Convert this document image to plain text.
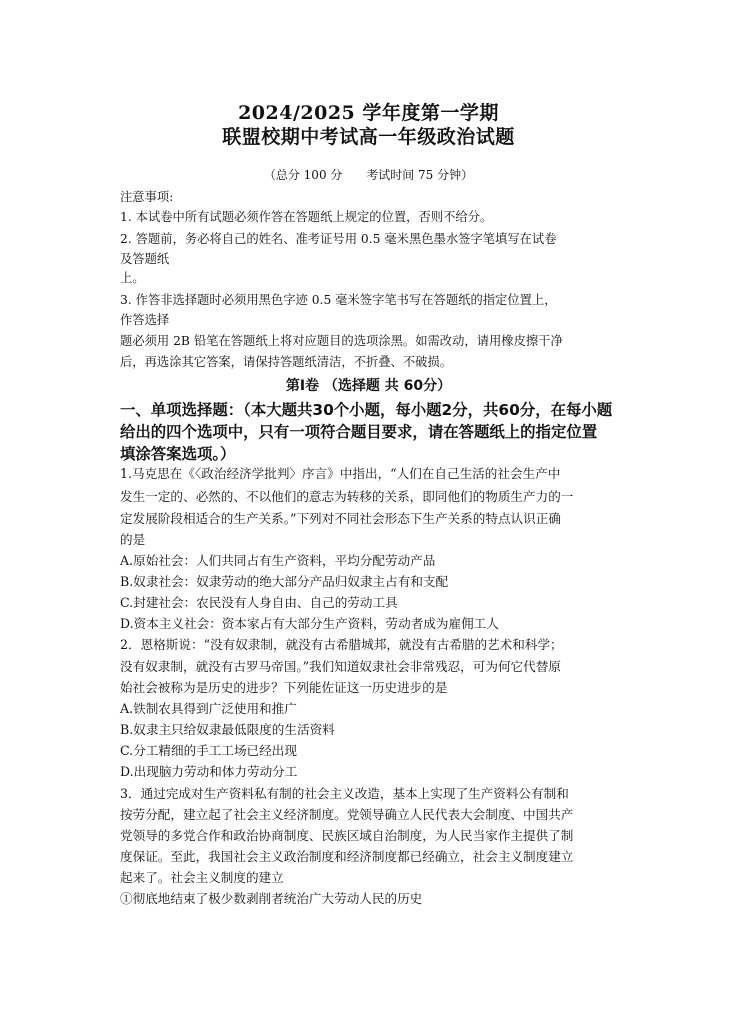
2024/2025 学年度第一学期
联盟校期中考试高一年级政治试题
（总分 100 分 考试时间 75 分钟）
注意事项:
1. 本试卷中所有试题必须作答在答题纸上规定的位置，否则不给分。
2. 答题前，务必将自己的姓名、准考证号用 0.5 毫米黑色墨水签字笔填写在试卷
及答题纸
上。
3. 作答非选择题时必须用黑色字迹 0.5 毫米签字笔书写在答题纸的指定位置上，
作答选择
题必须用 2B 铅笔在答题纸上将对应题目的选项涂黑。如需改动，请用橡皮擦干净
后，再选涂其它答案，请保持答题纸清洁，不折叠、不破损。
第Ⅰ卷 （选择题 共 60分）
一、单项选择题：（本大题共30个小题，每小题2分，共60分，在每小题
给出的四个选项中，只有一项符合题目要求，请在答题纸上的指定位置
填涂答案选项。）
1.马克思在《〈政治经济学批判〉序言》中指出，“人们在自己生活的社会生产中
发生一定的、必然的、不以他们的意志为转移的关系，即同他们的物质生产力的一
定发展阶段相适合的生产关系。”下列对不同社会形态下生产关系的特点认识正确
的是
A.原始社会：人们共同占有生产资料，平均分配劳动产品
B.奴隶社会：奴隶劳动的绝大部分产品归奴隶主占有和支配
C.封建社会：农民没有人身自由、自己的劳动工具
D.资本主义社会：资本家占有大部分生产资料，劳动者成为雇佣工人
2．恩格斯说：“没有奴隶制，就没有古希腊城邦，就没有古希腊的艺术和科学；
没有奴隶制，就没有古罗马帝国。”我们知道奴隶社会非常残忍，可为何它代替原
始社会被称为是历史的进步？下列能佐证这一历史进步的是
A.铁制农具得到广泛使用和推广
B.奴隶主只给奴隶最低限度的生活资料
C.分工精细的手工工场已经出现
D.出现脑力劳动和体力劳动分工
3．通过完成对生产资料私有制的社会主义改造，基本上实现了生产资料公有制和
按劳分配，建立起了社会主义经济制度。党领导确立人民代表大会制度、中国共产
党领导的多党合作和政治协商制度、民族区域自治制度，为人民当家作主提供了制
度保证。至此，我国社会主义政治制度和经济制度都已经确立，社会主义制度建立
起来了。社会主义制度的建立
①彻底地结束了极少数剥削者统治广大劳动人民的历史
